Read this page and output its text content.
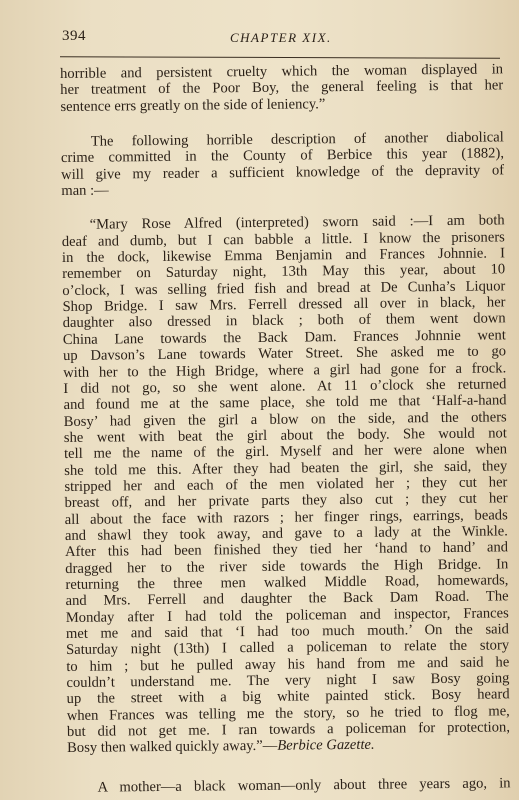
394	CHAPTER XIX.

horrible and persistent cruelty which the woman displayed in
her treatment of the Poor Boy, the general feeling is that her
sentence errs greatly on the side of leniency.”

The following horrible description of another diabolical
crime committed in the County of Berbice this year (1882),
will give my reader a sufficient knowledge of the depravity of
man :—

“Mary Rose Alfred (interpreted) sworn said :—I am both
deaf and dumb, but I can babble a little. I know the prisoners
in the dock, likewise Emma Benjamin and Frances Johnnie. I
remember on Saturday night, 13th May this year, about 10
o’clock, I was selling fried fish and bread at De Cunha’s Liquor
Shop Bridge. I saw Mrs. Ferrell dressed all over in black, her
daughter also dressed in black ; both of them went down
China Lane towards the Back Dam. Frances Johnnie went
up Davson’s Lane towards Water Street. She asked me to go
with her to the High Bridge, where a girl had gone for a frock.
I did not go, so she went alone. At 11 o’clock she returned
and found me at the same place, she told me that ‘Half-a-hand
Bosy’ had given the girl a blow on the side, and the others
she went with beat the girl about the body. She would not
tell me the name of the girl. Myself and her were alone when
she told me this. After they had beaten the girl, she said, they
stripped her and each of the men violated her ; they cut her
breast off, and her private parts they also cut ; they cut her
all about the face with razors ; her finger rings, earrings, beads
and shawl they took away, and gave to a lady at the Winkle.
After this had been finished they tied her ‘hand to hand’ and
dragged her to the river side towards the High Bridge. In
returning the three men walked Middle Road, homewards,
and Mrs. Ferrell and daughter the Back Dam Road. The
Monday after I had told the policeman and inspector, Frances
met me and said that ‘I had too much mouth.’ On the said
Saturday night (13th) I called a policeman to relate the story
to him ; but he pulled away his hand from me and said he
couldn’t understand me. The very night I saw Bosy going
up the street with a big white painted stick. Bosy heard
when Frances was telling me the story, so he tried to flog me,
but did not get me. I ran towards a policeman for protection,
Bosy then walked quickly away.”—Berbice Gazette.

A mother—a black woman—only about three years ago, in
